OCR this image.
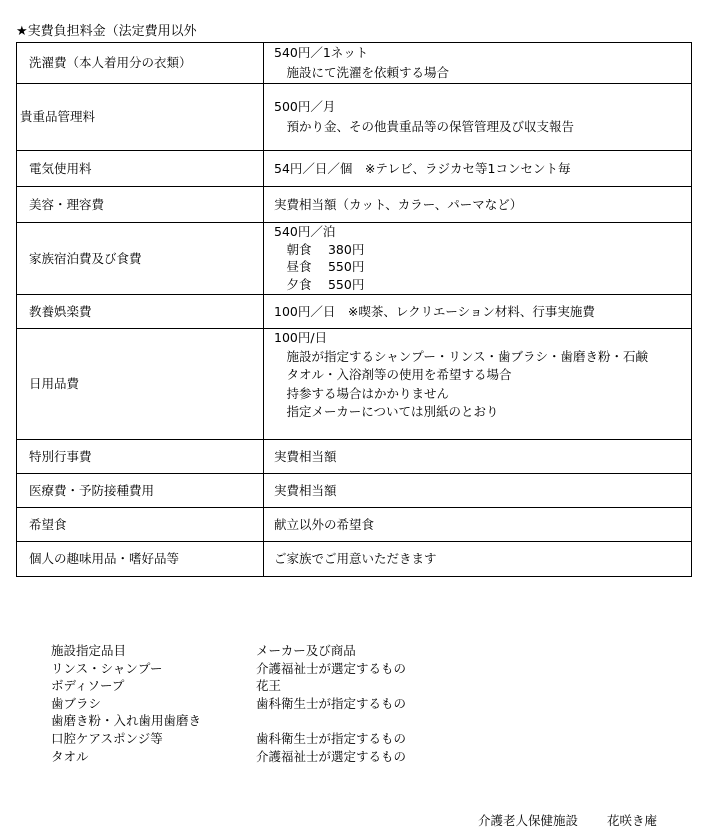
★実費負担料金（法定費用以外
洗濯費（本人着用分の衣類）	540円／1ネット
　施設にて洗濯を依頼する場合

貴重品管理料	500円／月
　預かり金、その他貴重品等の保管管理及び収支報告

電気使用料	54円／日／個　※テレビ、ラジカセ等1コンセント毎

美容・理容費	実費相当額（カット、カラー、パーマなど）

家族宿泊費及び食費	540円／泊
　朝食　 380円
　昼食　 550円
　夕食　 550円

教養娯楽費	100円／日　※喫茶、レクリエーション材料、行事実施費

日用品費	100円/日
　施設が指定するシャンプー・リンス・歯ブラシ・歯磨き粉・石鹸
　タオル・入浴剤等の使用を希望する場合
　持参する場合はかかりません
　指定メーカーについては別紙のとおり

特別行事費	実費相当額

医療費・予防接種費用	実費相当額

希望食	献立以外の希望食

個人の趣味用品・嗜好品等	ご家族でご用意いただきます
施設指定品目	メーカー及び商品
リンス・シャンプー	介護福祉士が選定するもの
ボディソープ	花王
歯ブラシ	歯科衛生士が指定するもの
歯磨き粉・入れ歯用歯磨き
口腔ケアスポンジ等	歯科衛生士が指定するもの
タオル	介護福祉士が選定するもの
介護老人保健施設　　 花咲き庵
